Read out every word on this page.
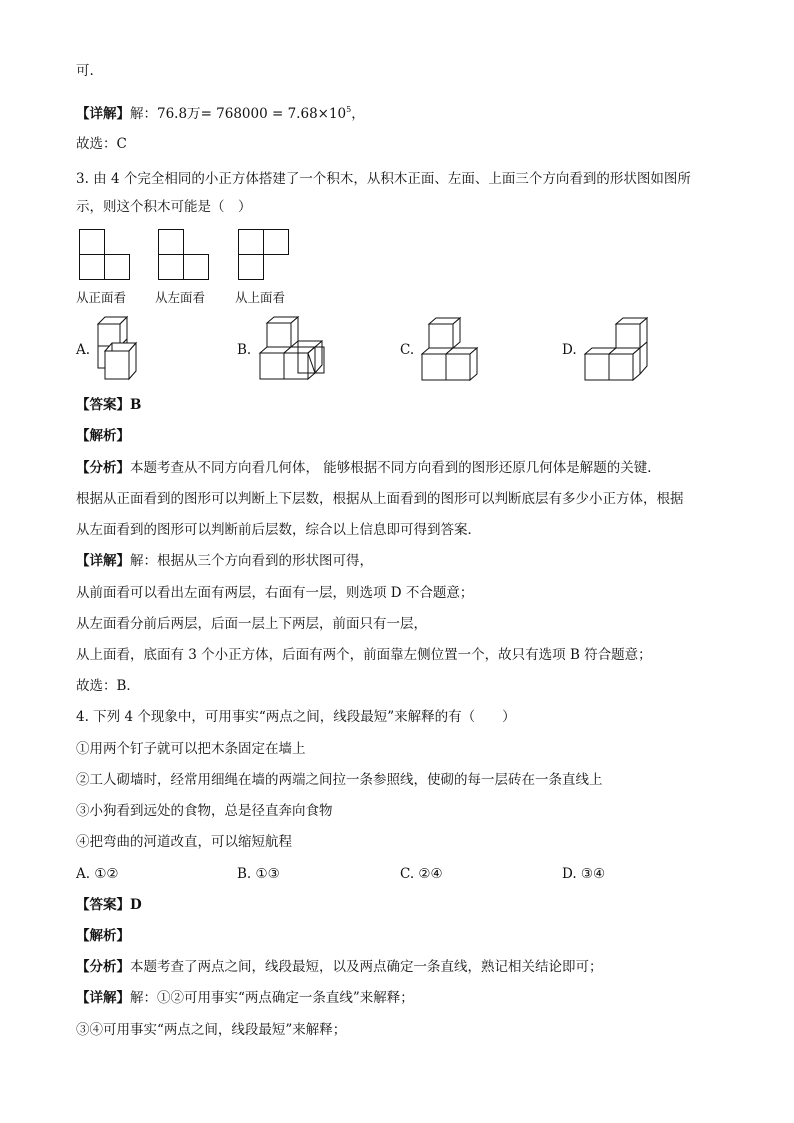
可.
【详解】解：76.8万= $768000 = 7.68\times 10^5$，
故选：C
3. 由 4 个完全相同的小正方体搭建了一个积木，从积木正面、左面、上面三个方向看到的形状图如图所
示，则这个积木可能是（　）
从正面看 从左面看 从上面看
A.	B.	C.	D.
【答案】B
【解析】
【分析】本题考查从不同方向看几何体， 能够根据不同方向看到的图形还原几何体是解题的关键．
根据从正面看到的图形可以判断上下层数，根据从上面看到的图形可以判断底层有多少小正方体，根据
从左面看到的图形可以判断前后层数，综合以上信息即可得到答案．
【详解】解：根据从三个方向看到的形状图可得，
从前面看可以看出左面有两层，右面有一层，则选项 D 不合题意；
从左面看分前后两层，后面一层上下两层，前面只有一层，
从上面看，底面有 3 个小正方体，后面有两个，前面靠左侧位置一个，故只有选项 B 符合题意；
故选：B．
4. 下列 4 个现象中，可用事实“两点之间，线段最短”来解释的有（　　）
①用两个钉子就可以把木条固定在墙上
②工人砌墙时，经常用细绳在墙的两端之间拉一条参照线，使砌的每一层砖在一条直线上
③小狗看到远处的食物，总是径直奔向食物
④把弯曲的河道改直，可以缩短航程
A. ①②	B. ①③	C. ②④	D. ③④
【答案】D
【解析】
【分析】本题考查了两点之间，线段最短，以及两点确定一条直线，熟记相关结论即可；
【详解】解：①②可用事实“两点确定一条直线”来解释；
③④可用事实“两点之间，线段最短”来解释；
